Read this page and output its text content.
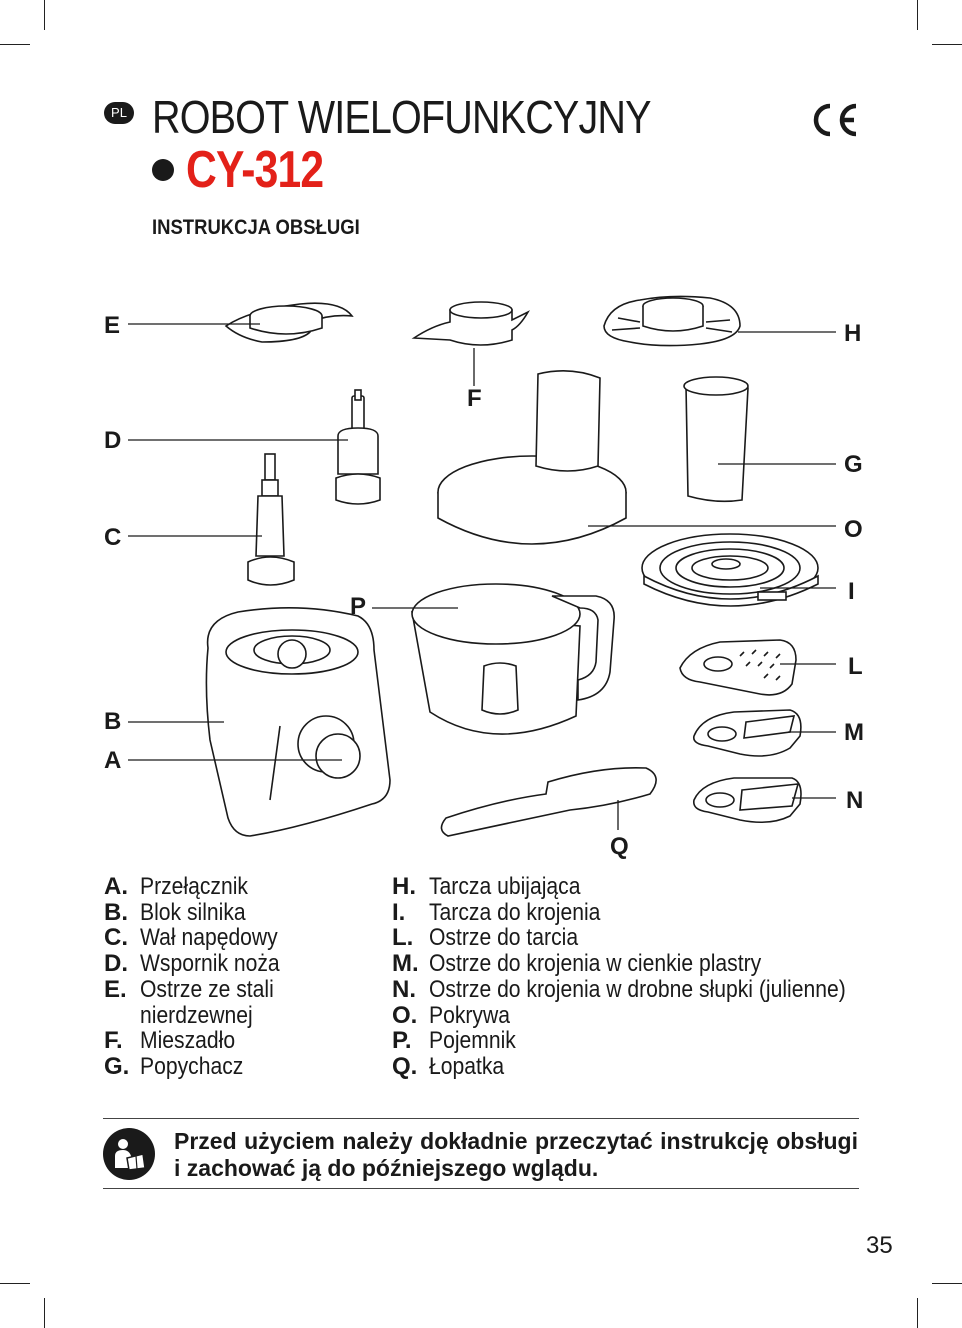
PL ROBOT WIELOFUNKCYJNY
CY-312
INSTRUKCJA OBSŁUGI
E
F
H
D
G
C	O
I
P
L
B	M
A
N
Q
A. Przełącznik
B. Blok silnika
C. Wał napędowy
D. Wspornik noża
E. Ostrze ze stali
nierdzewnej
F. Mieszadło
G. Popychacz
H. Tarcza ubijająca
I. Tarcza do krojenia
L. Ostrze do tarcia
M. Ostrze do krojenia w cienkie plastry
N. Ostrze do krojenia w drobne słupki (julienne)
O. Pokrywa
P. Pojemnik
Q. Łopatka
Przed użyciem należy dokładnie przeczytać instrukcję obsługi i zachować ją do późniejszego wglądu.
35
